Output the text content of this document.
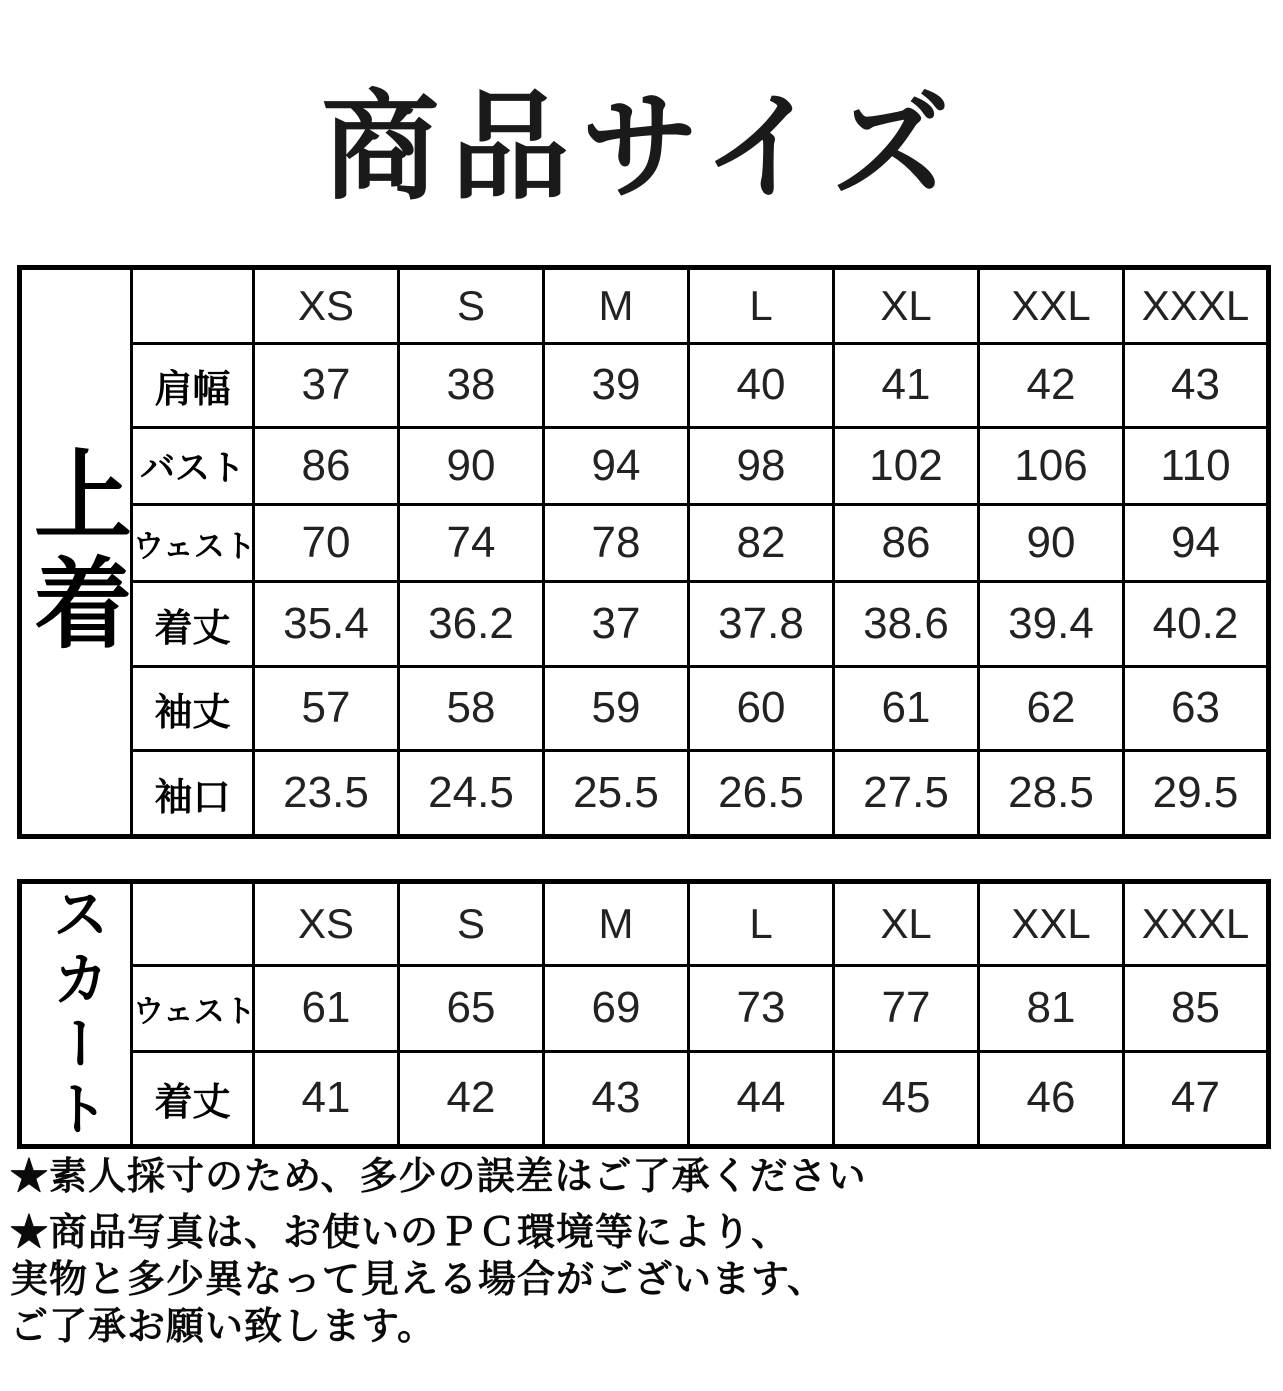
商品サイズ
上着		XS	S	M	L	XL	XXL	XXXL
	肩幅	37	38	39	40	41	42	43
	バスト	86	90	94	98	102	106	110
	ウェスト	70	74	78	82	86	90	94
	着丈	35.4	36.2	37	37.8	38.6	39.4	40.2
	袖丈	57	58	59	60	61	62	63
	袖口	23.5	24.5	25.5	26.5	27.5	28.5	29.5
スカート		XS	S	M	L	XL	XXL	XXXL
	ウェスト	61	65	69	73	77	81	85
	着丈	41	42	43	44	45	46	47

★素人採寸のため、多少の誤差はご了承ください

★商品写真は、お使いのＰＣ環境等により、

実物と多少異なって見える場合がございます、

ご了承お願い致します。
